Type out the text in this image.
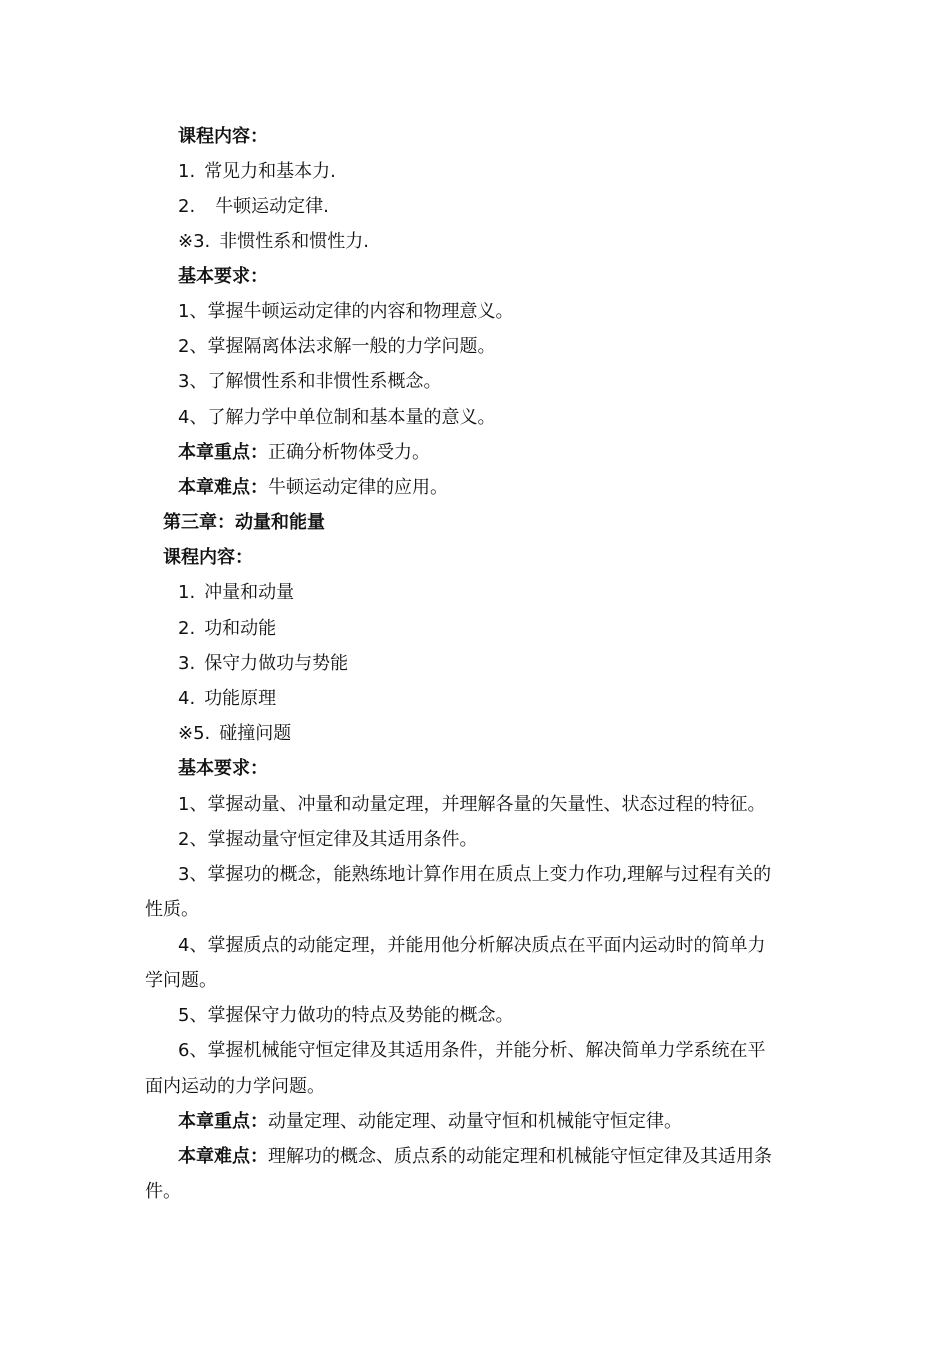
课程内容：
1. 常见力和基本力.
2. 牛顿运动定律.
※3. 非惯性系和惯性力.
基本要求：
1、掌握牛顿运动定律的内容和物理意义。
2、掌握隔离体法求解一般的力学问题。
3、了解惯性系和非惯性系概念。
4、了解力学中单位制和基本量的意义。
本章重点：正确分析物体受力。
本章难点：牛顿运动定律的应用。
第三章：动量和能量
课程内容：
1. 冲量和动量
2. 功和动能
3. 保守力做功与势能
4. 功能原理
※5. 碰撞问题
基本要求：
1、掌握动量、冲量和动量定理，并理解各量的矢量性、状态过程的特征。
2、掌握动量守恒定律及其适用条件。
3、掌握功的概念，能熟练地计算作用在质点上变力作功,理解与过程有关的
性质。
4、掌握质点的动能定理，并能用他分析解决质点在平面内运动时的简单力
学问题。
5、掌握保守力做功的特点及势能的概念。
6、掌握机械能守恒定律及其适用条件，并能分析、解决简单力学系统在平
面内运动的力学问题。
本章重点：动量定理、动能定理、动量守恒和机械能守恒定律。
本章难点：理解功的概念、质点系的动能定理和机械能守恒定律及其适用条
件。
